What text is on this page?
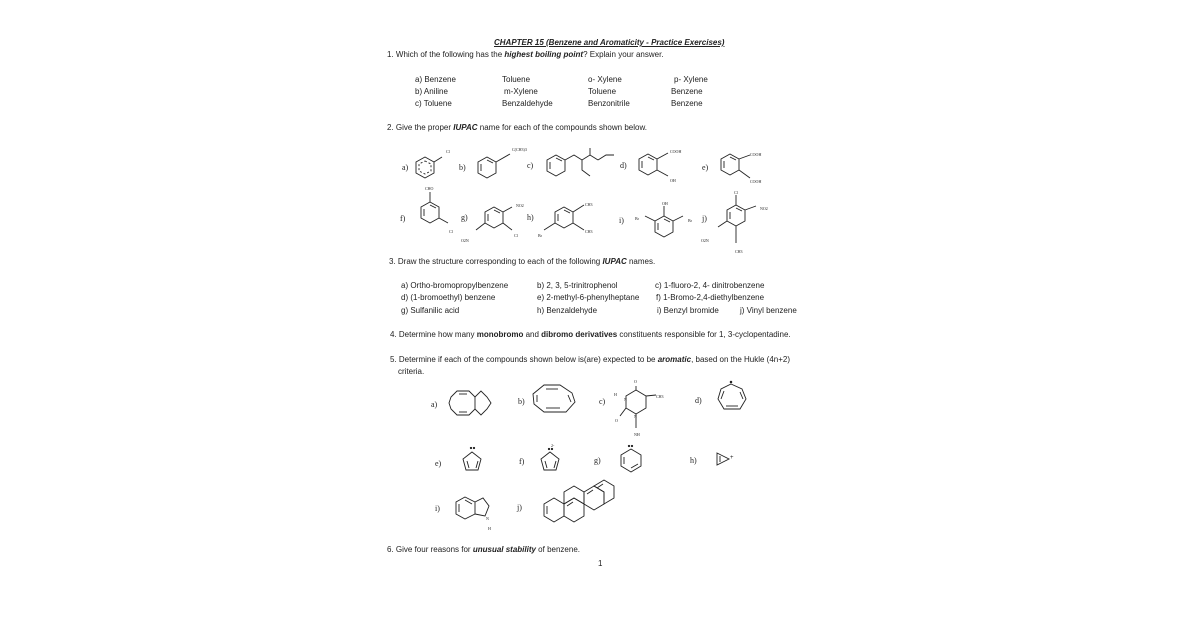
CHAPTER 15 (Benzene and Aromaticity - Practice Exercises)
1. Which of the following has the highest boiling point? Explain your answer.
a) Benzene	Toluene	o- Xylene	p- Xylene
b) Aniline	m-Xylene	Toluene	Benzene
c) Toluene	Benzaldehyde	Benzonitrile	Benzene
2. Give the proper IUPAC name for each of the compounds shown below.
a)	b)	c)	d)	e)
f)	g)	h)	i)	j)
Cl	C(CH3)3	COOH
OH
COOH
COOH
CHO
Cl
NO2
O2N
Cl
CH3
Br
CH3
OH
Br	Br
Cl
NO2
O2N
CH3
3. Draw the structure corresponding to each of the following IUPAC names.
a) Ortho-bromopropylbenzene	b) 2, 3, 5-trinitrophenol	c) 1-fluoro-2, 4- dinitrobenzene
d) (1-bromoethyl) benzene	e) 2-methyl-6-phenylheptane f) 1-Bromo-2,4-diethylbenzene
g) Sulfanilic acid	h) Benzaldehyde	i) Benzyl bromide	j) Vinyl benzene
4. Determine how many monobromo and dibromo derivatives constituents responsible for 1, 3-cyclopentadine.
5. Determine if each of the compounds shown below is(are) expected to be aromatic, based on the Hukle (4n+2)
criteria.
a)	b)	c)	d)
e)	f)	g)	h)
i)	j)
O
H
N
CH3
N
O
NH
2-
+
N
H
6. Give four reasons for unusual stability of benzene.
1
